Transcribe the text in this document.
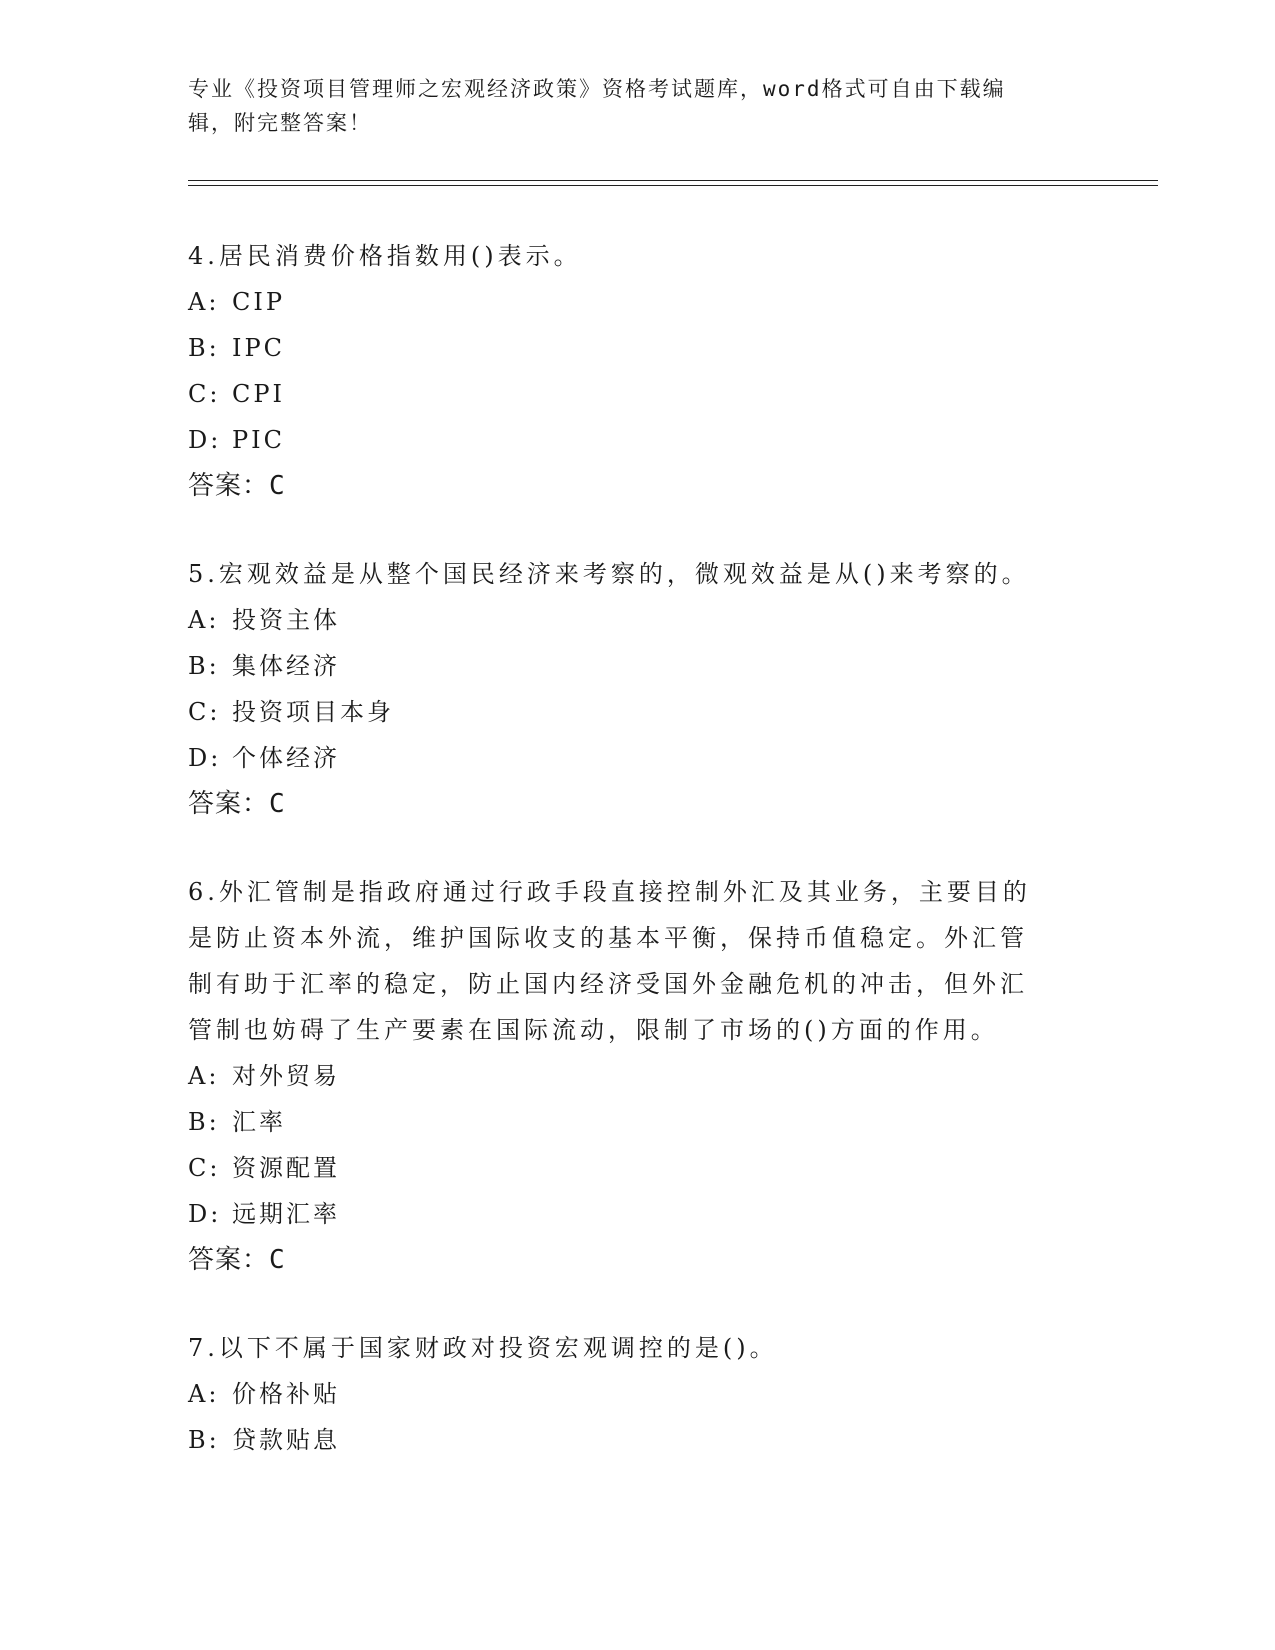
专业《投资项目管理师之宏观经济政策》资格考试题库，word格式可自由下载编
辑，附完整答案！
4.居民消费价格指数用()表示。
A: CIP
B: IPC
C: CPI
D: PIC
答案：C
5.宏观效益是从整个国民经济来考察的，微观效益是从()来考察的。
A: 投资主体
B: 集体经济
C: 投资项目本身
D: 个体经济
答案：C
6.外汇管制是指政府通过行政手段直接控制外汇及其业务，主要目的
是防止资本外流，维护国际收支的基本平衡，保持币值稳定。外汇管
制有助于汇率的稳定，防止国内经济受国外金融危机的冲击，但外汇
管制也妨碍了生产要素在国际流动，限制了市场的()方面的作用。
A: 对外贸易
B: 汇率
C: 资源配置
D: 远期汇率
答案：C
7.以下不属于国家财政对投资宏观调控的是()。
A: 价格补贴
B: 贷款贴息
